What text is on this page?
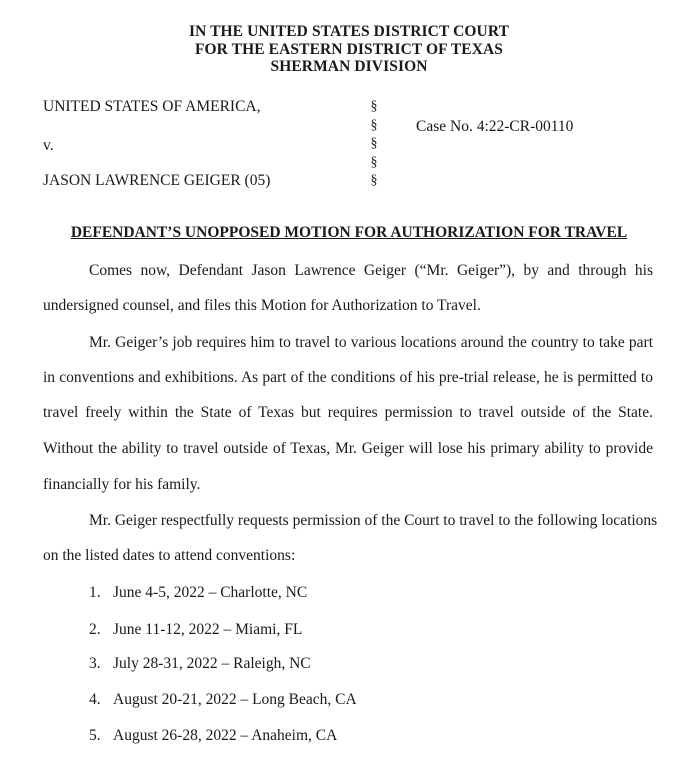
IN THE UNITED STATES DISTRICT COURT
FOR THE EASTERN DISTRICT OF TEXAS
SHERMAN DIVISION
UNITED STATES OF AMERICA,
v.
JASON LAWRENCE GEIGER (05)
§
§
§
§
§
Case No. 4:22-CR-00110
DEFENDANT’S UNOPPOSED MOTION FOR AUTHORIZATION FOR TRAVEL
Comes now, Defendant Jason Lawrence Geiger (“Mr. Geiger”), by and through his
undersigned counsel, and files this Motion for Authorization to Travel.
Mr. Geiger’s job requires him to travel to various locations around the country to take part
in conventions and exhibitions. As part of the conditions of his pre-trial release, he is permitted to
travel freely within the State of Texas but requires permission to travel outside of the State.
Without the ability to travel outside of Texas, Mr. Geiger will lose his primary ability to provide
financially for his family.
Mr. Geiger respectfully requests permission of the Court to travel to the following locations
on the listed dates to attend conventions:
1. June 4-5, 2022 – Charlotte, NC
2. June 11-12, 2022 – Miami, FL
3. July 28-31, 2022 – Raleigh, NC
4. August 20-21, 2022 – Long Beach, CA
5. August 26-28, 2022 – Anaheim, CA
